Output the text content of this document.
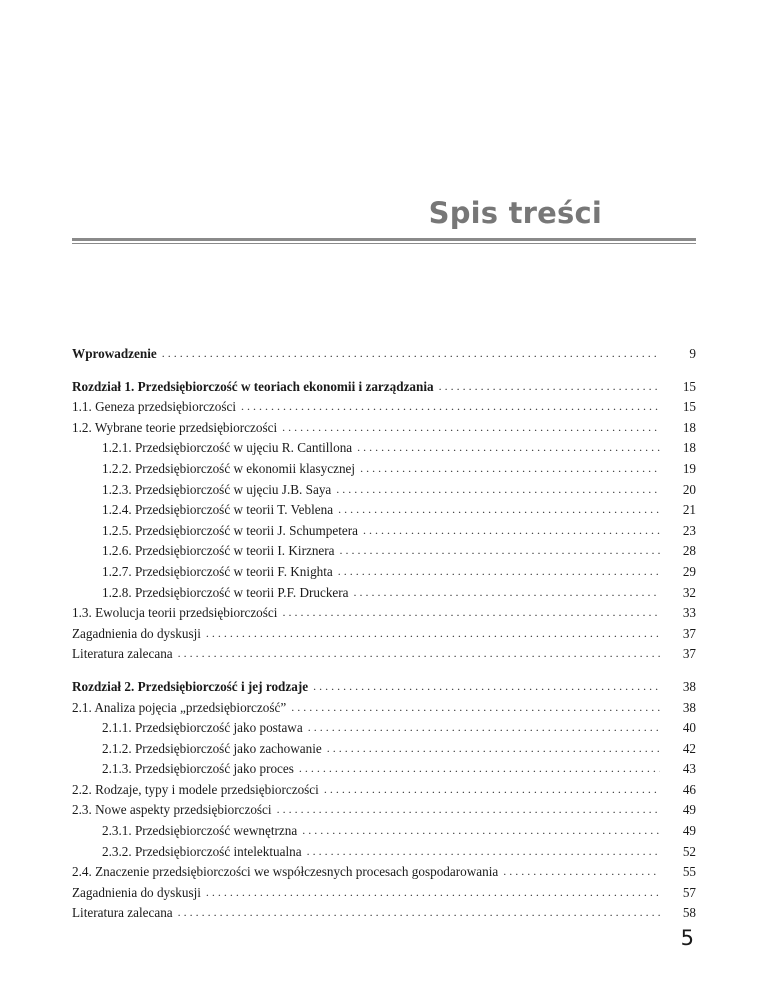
Spis treści
Wprowadzenie . . .	9
Rozdział 1. Przedsiębiorczość w teoriach ekonomii i zarządzania . . .	15
1.1. Geneza przedsiębiorczości . . .	15
1.2. Wybrane teorie przedsiębiorczości . . .	18
1.2.1. Przedsiębiorczość w ujęciu R. Cantillona . . .	18
1.2.2. Przedsiębiorczość w ekonomii klasycznej . . .	19
1.2.3. Przedsiębiorczość w ujęciu J.B. Saya . . .	20
1.2.4. Przedsiębiorczość w teorii T. Veblena . . .	21
1.2.5. Przedsiębiorczość w teorii J. Schumpetera . . .	23
1.2.6. Przedsiębiorczość w teorii I. Kirznera . . .	28
1.2.7. Przedsiębiorczość w teorii F. Knighta . . .	29
1.2.8. Przedsiębiorczość w teorii P.F. Druckera . . .	32
1.3. Ewolucja teorii przedsiębiorczości . . .	33
Zagadnienia do dyskusji . . .	37
Literatura zalecana . . .	37
Rozdział 2. Przedsiębiorczość i jej rodzaje . . .	38
2.1. Analiza pojęcia „przedsiębiorczość” . . .	38
2.1.1. Przedsiębiorczość jako postawa . . .	40
2.1.2. Przedsiębiorczość jako zachowanie . . .	42
2.1.3. Przedsiębiorczość jako proces . . .	43
2.2. Rodzaje, typy i modele przedsiębiorczości . . .	46
2.3. Nowe aspekty przedsiębiorczości . . .	49
2.3.1. Przedsiębiorczość wewnętrzna . . .	49
2.3.2. Przedsiębiorczość intelektualna . . .	52
2.4. Znaczenie przedsiębiorczości we współczesnych procesach gospodarowania . . .	55
Zagadnienia do dyskusji . . .	57
Literatura zalecana . . .	58
5
